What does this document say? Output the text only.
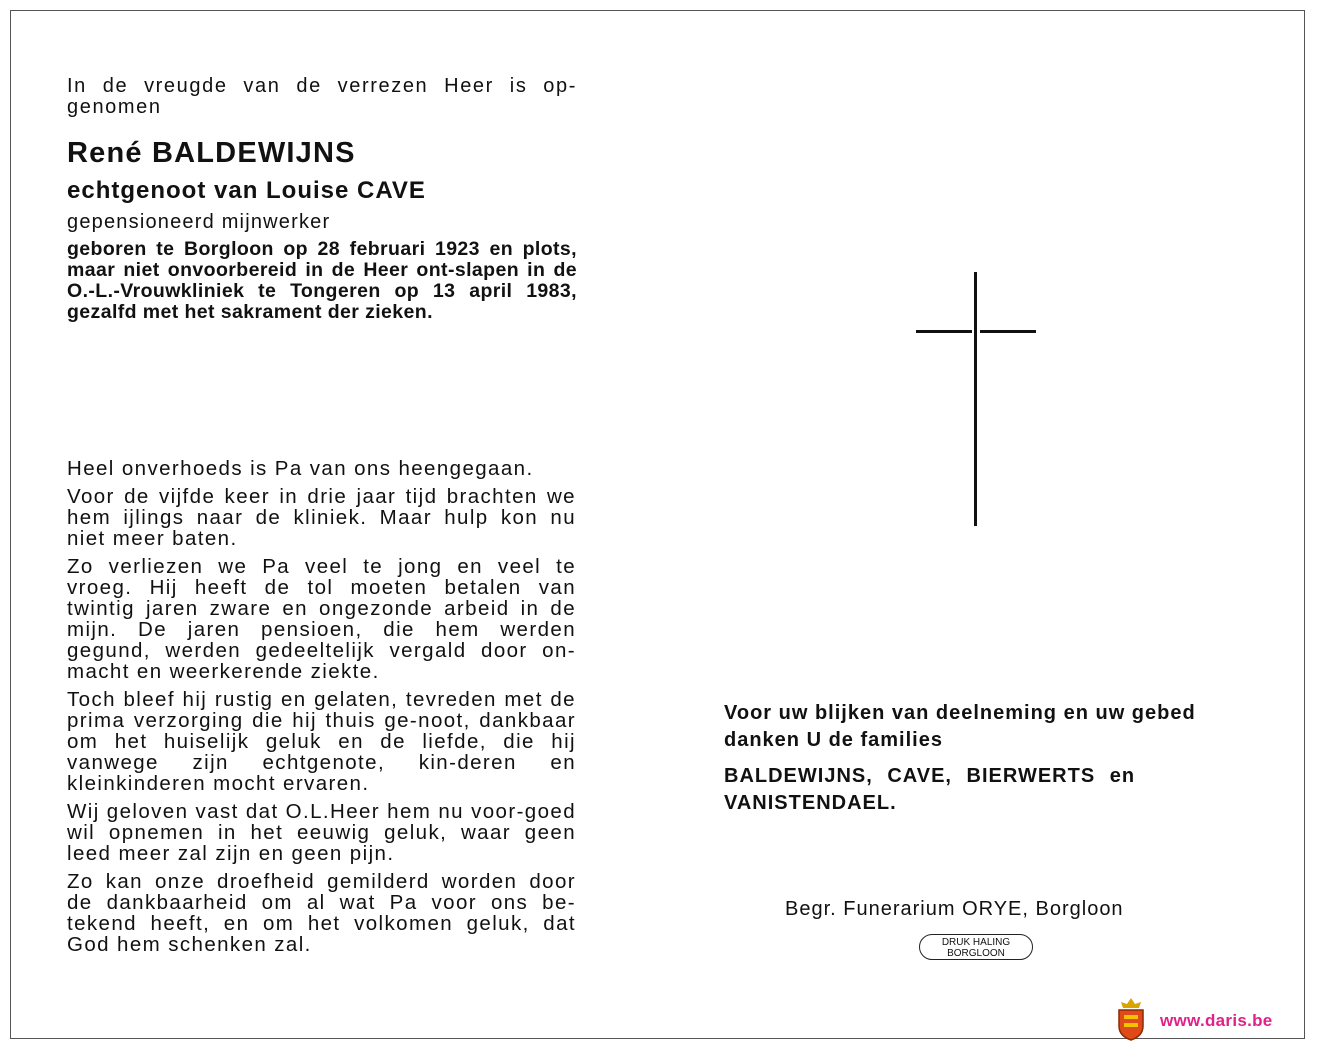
In de vreugde van de verrezen Heer is op-genomen

René BALDEWIJNS

echtgenoot van Louise CAVE

gepensioneerd mijnwerker

geboren te Borgloon op 28 februari 1923 en plots, maar niet onvoorbereid in de Heer ont-slapen in de O.-L.-Vrouwkliniek te Tongeren op 13 april 1983, gezalfd met het sakrament der zieken.

Heel onverhoeds is Pa van ons heengegaan.

Voor de vijfde keer in drie jaar tijd brachten we hem ijlings naar de kliniek. Maar hulp kon nu niet meer baten.

Zo verliezen we Pa veel te jong en veel te vroeg. Hij heeft de tol moeten betalen van twintig jaren zware en ongezonde arbeid in de mijn. De jaren pensioen, die hem werden gegund, werden gedeeltelijk vergald door on-macht en weerkerende ziekte.

Toch bleef hij rustig en gelaten, tevreden met de prima verzorging die hij thuis ge-noot, dankbaar om het huiselijk geluk en de liefde, die hij vanwege zijn echtgenote, kin-deren en kleinkinderen mocht ervaren.

Wij geloven vast dat O.L.Heer hem nu voor-goed wil opnemen in het eeuwig geluk, waar geen leed meer zal zijn en geen pijn.

Zo kan onze droefheid gemilderd worden door de dankbaarheid om al wat Pa voor ons be-tekend heeft, en om het volkomen geluk, dat God hem schenken zal.

Voor uw blijken van deelneming en uw gebed danken U de families

BALDEWIJNS, CAVE, BIERWERTS en VANISTENDAEL.

Begr. Funerarium ORYE, Borgloon

DRUK HALING
BORGLOON
www.daris.be
